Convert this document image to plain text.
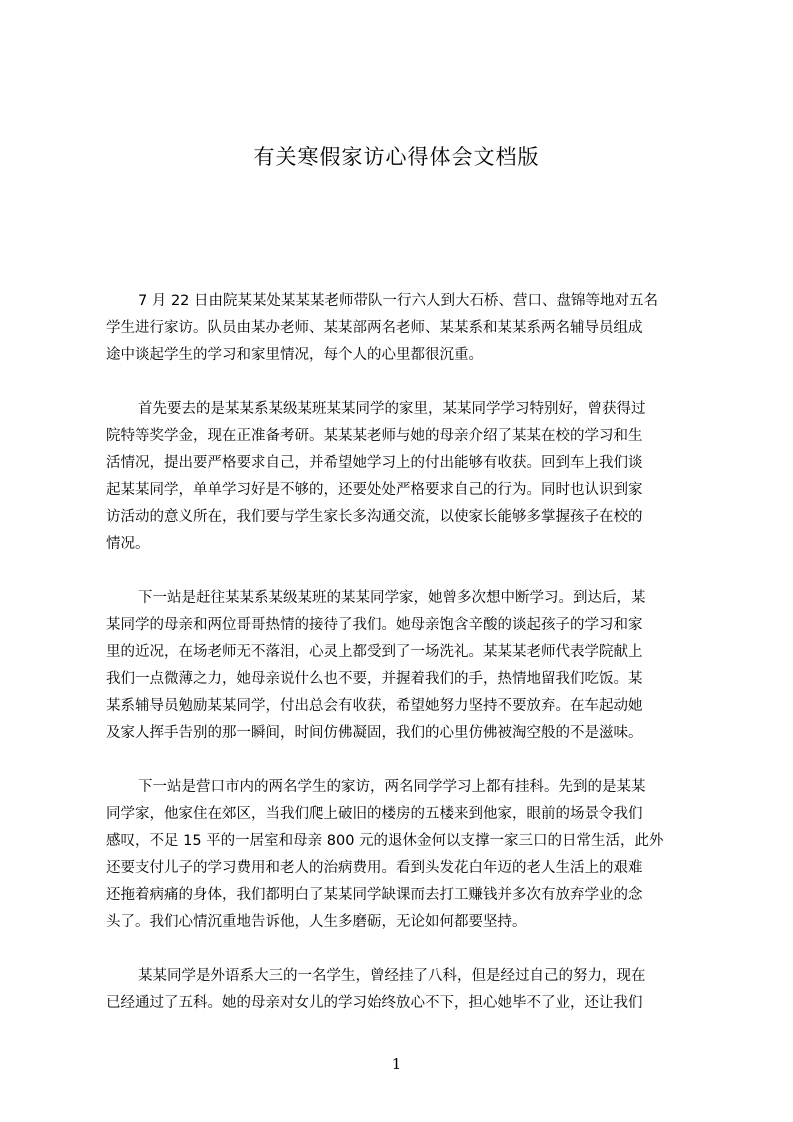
有关寒假家访心得体会文档版

7 月 22 日由院某某处某某某老师带队一行六人到大石桥、营口、盘锦等地对五名
学生进行家访。队员由某办老师、某某部两名老师、某某系和某某系两名辅导员组成
途中谈起学生的学习和家里情况，每个人的心里都很沉重。

首先要去的是某某系某级某班某某同学的家里，某某同学学习特别好，曾获得过
院特等奖学金，现在正准备考研。某某某老师与她的母亲介绍了某某在校的学习和生
活情况，提出要严格要求自己，并希望她学习上的付出能够有收获。回到车上我们谈
起某某同学，单单学习好是不够的，还要处处严格要求自己的行为。同时也认识到家
访活动的意义所在，我们要与学生家长多沟通交流，以使家长能够多掌握孩子在校的
情况。

下一站是赶往某某系某级某班的某某同学家，她曾多次想中断学习。到达后，某
某同学的母亲和两位哥哥热情的接待了我们。她母亲饱含辛酸的谈起孩子的学习和家
里的近况，在场老师无不落泪，心灵上都受到了一场洗礼。某某某老师代表学院献上
我们一点微薄之力，她母亲说什么也不要，并握着我们的手，热情地留我们吃饭。某
某系辅导员勉励某某同学，付出总会有收获，希望她努力坚持不要放弃。在车起动她
及家人挥手告别的那一瞬间，时间仿佛凝固，我们的心里仿佛被淘空般的不是滋味。

下一站是营口市内的两名学生的家访，两名同学学习上都有挂科。先到的是某某
同学家，他家住在郊区，当我们爬上破旧的楼房的五楼来到他家，眼前的场景令我们
感叹，不足 15 平的一居室和母亲 800 元的退休金何以支撑一家三口的日常生活，此外
还要支付儿子的学习费用和老人的治病费用。看到头发花白年迈的老人生活上的艰难
还拖着病痛的身体，我们都明白了某某同学缺课而去打工赚钱并多次有放弃学业的念
头了。我们心情沉重地告诉他，人生多磨砺，无论如何都要坚持。

某某同学是外语系大三的一名学生，曾经挂了八科，但是经过自己的努力，现在
已经通过了五科。她的母亲对女儿的学习始终放心不下，担心她毕不了业，还让我们

1
